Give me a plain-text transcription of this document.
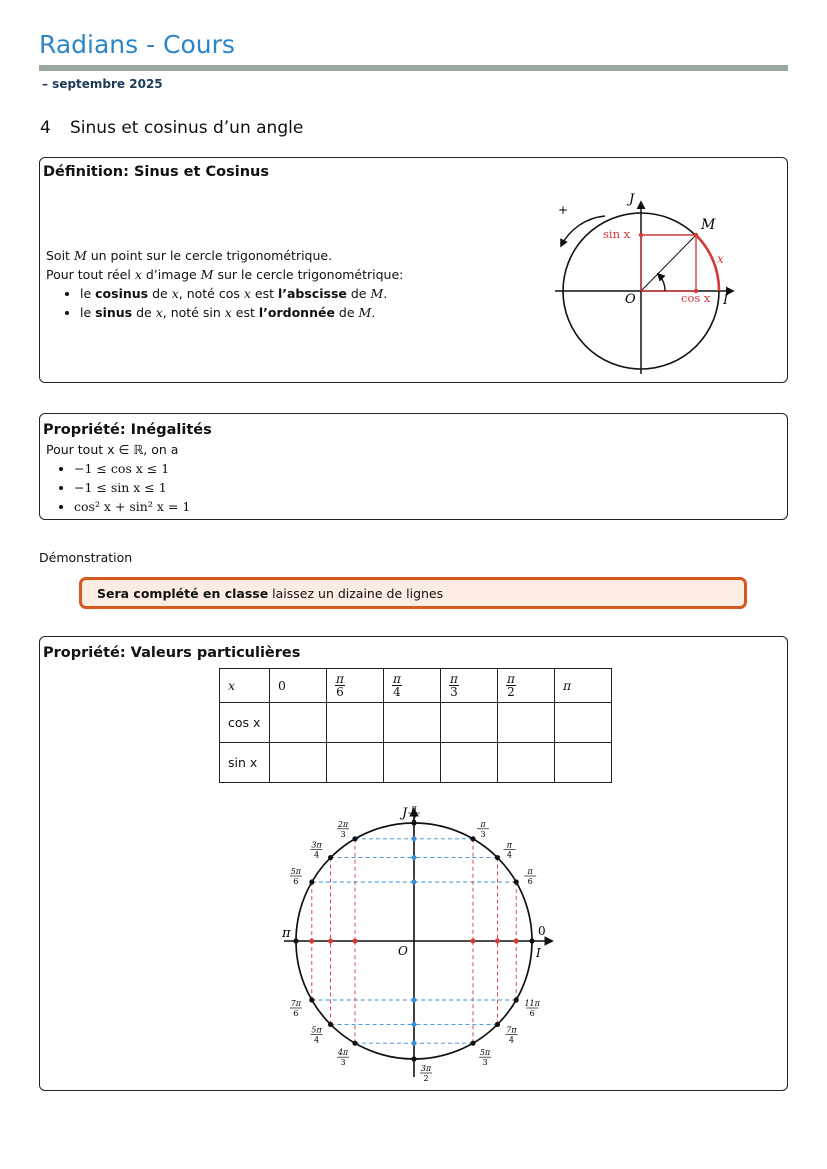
Radians - Cours
– septembre 2025
4 Sinus et cosinus d’un angle
Définition: Sinus et Cosinus
Soit M un point sur le cercle trigonométrique.
Pour tout réel x d’image M sur le cercle trigonométrique:
• le cosinus de x, noté cos x est l’abscisse de M.
• le sinus de x, noté sin x est l’ordonnée de M.
+
J
M
O	I
sin x
cos x
x
Propriété: Inégalités
Pour tout x ∈ ℝ, on a
• −1 ≤ cos x ≤ 1
• −1 ≤ sin x ≤ 1
• cos² x + sin² x = 1
Démonstration
Sera complété en classe laissez un dizaine de lignes
Propriété: Valeurs particulières
x	0	$\frac{\pi}{6}$	$\frac{\pi}{4}$	$\frac{\pi}{3}$	$\frac{\pi}{2}$	π
cos x						
sin x						
π
2
π
3
π
4
π
6
2π
3
3π
4
5π
6
7π
6
5π
4
4π
3
3π
2
5π
3
7π
4
11π
6
J
I
0
π
O
